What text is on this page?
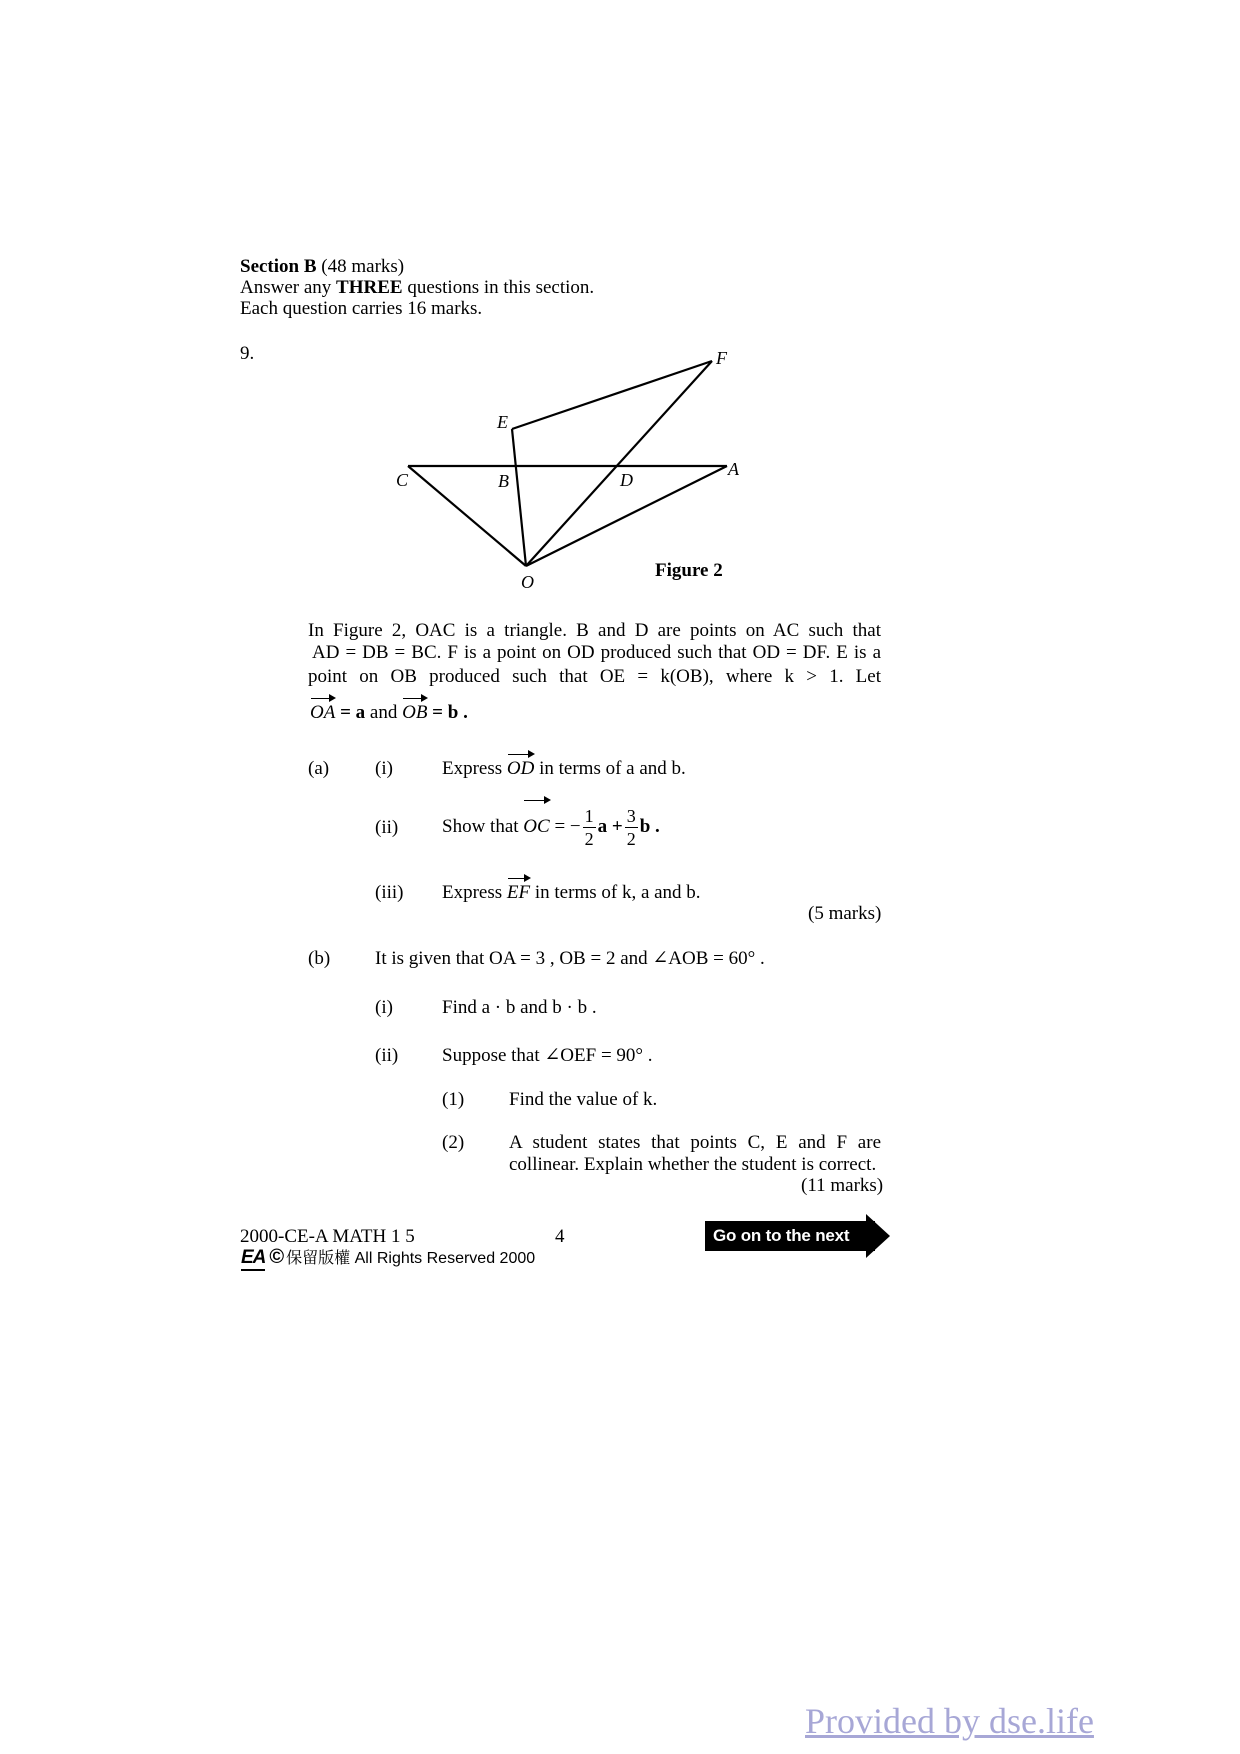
Section B (48 marks)
Answer any THREE questions in this section.
Each question carries 16 marks.
9.	F
E
C	B	D
A
O
Figure 2
In Figure 2, OAC is a triangle. B and D are points on AC such that
AD = DB = BC. F is a point on OD produced such that OD = DF. E is a
point on OB produced such that OE = k(OB), where k > 1. Let
OA = a and OB = b .
(a) (i)	Express OD in terms of a and b.
(ii) Show that OC = − $\frac{1}{2}$ $a + \frac{3}{2}$ b .
(iii) Express EF in terms of k, a and b.
(5 marks)
(b) It is given that OA = 3 , OB = 2 and ∠AOB = 60° .
(i)	Find a · b and b · b .
(ii) Suppose that ∠OEF = 90° .
(1) Find the value of k.
(2) A student states that points C, E and F are
collinear. Explain whether the student is correct.
(11 marks)
2000-CE-A MATH 1 5	4	Go on to the next page
EA © 保留版權 All Rights Reserved 2000
Provided by dse.life
